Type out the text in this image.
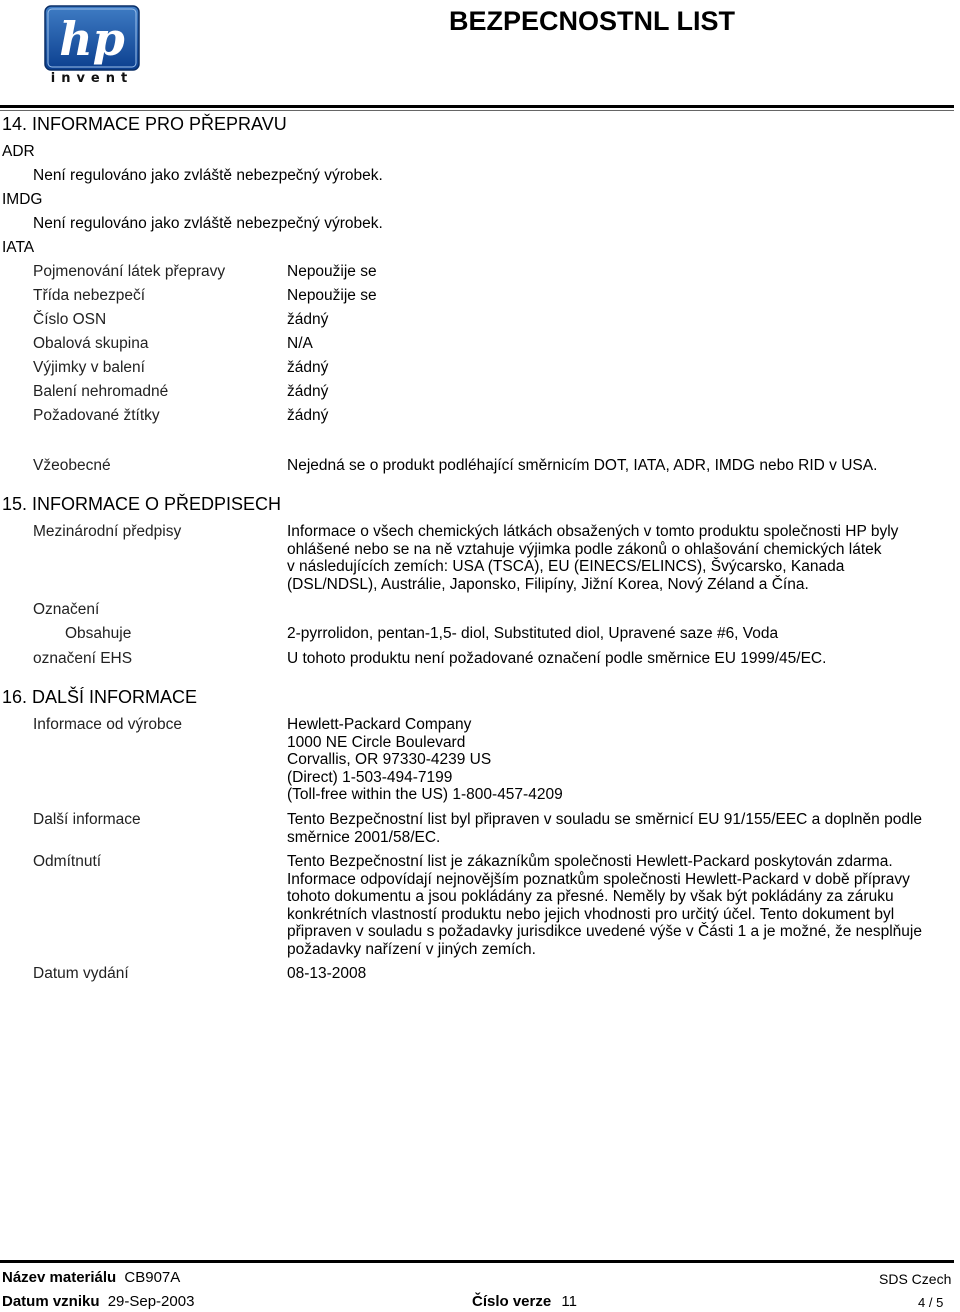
hp
invent
BEZPECNOSTNL LIST
14. INFORMACE PRO PŘEPRAVU
ADR
Není regulováno jako zvláště nebezpečný výrobek.
IMDG
Není regulováno jako zvláště nebezpečný výrobek.
IATA
Pojmenování látek přepravy	Nepoužije se
Třída nebezpečí	Nepoužije se
Číslo OSN	žádný
Obalová skupina	N/A
Výjimky v balení	žádný
Balení nehromadné	žádný
Požadované žtítky	žádný
Vžeobecné	Nejedná se o produkt podléhající směrnicím DOT, IATA, ADR, IMDG nebo RID v USA.
15. INFORMACE O PŘEDPISECH
Mezinárodní předpisy	Informace o všech chemických látkách obsažených v tomto produktu společnosti HP byly
ohlášené nebo se na ně vztahuje výjimka podle zákonů o ohlašování chemických látek
v následujících zemích: USA (TSCA), EU (EINECS/ELINCS), Švýcarsko, Kanada
(DSL/NDSL), Austrálie, Japonsko, Filipíny, Jižní Korea, Nový Zéland a Čína.
Označení
Obsahuje	2-pyrrolidon, pentan-1,5- diol, Substituted diol, Upravené saze #6, Voda
označení EHS	U tohoto produktu není požadované označení podle směrnice EU 1999/45/EC.
16. DALŠÍ INFORMACE
Informace od výrobce	Hewlett-Packard Company
1000 NE Circle Boulevard
Corvallis, OR 97330-4239 US
(Direct) 1-503-494-7199
(Toll-free within the US) 1-800-457-4209
Další informace	Tento Bezpečnostní list byl připraven v souladu se směrnicí EU 91/155/EEC a doplněn podle
směrnice 2001/58/EC.
Odmítnutí	Tento Bezpečnostní list je zákazníkům společnosti Hewlett-Packard poskytován zdarma.
Informace odpovídají nejnovějším poznatkům společnosti Hewlett-Packard v době přípravy
tohoto dokumentu a jsou pokládány za přesné. Neměly by však být pokládány za záruku
konkrétních vlastností produktu nebo jejich vhodnosti pro určitý účel. Tento dokument byl
připraven v souladu s požadavky jurisdikce uvedené výše v Části 1 a je možné, že nesplňuje
požadavky nařízení v jiných zemích.
Datum vydání	08-13-2008
Název materiálu CB907A	SDS Czech
Datum vzniku 29-Sep-2003	Číslo verze 11	4 / 5
